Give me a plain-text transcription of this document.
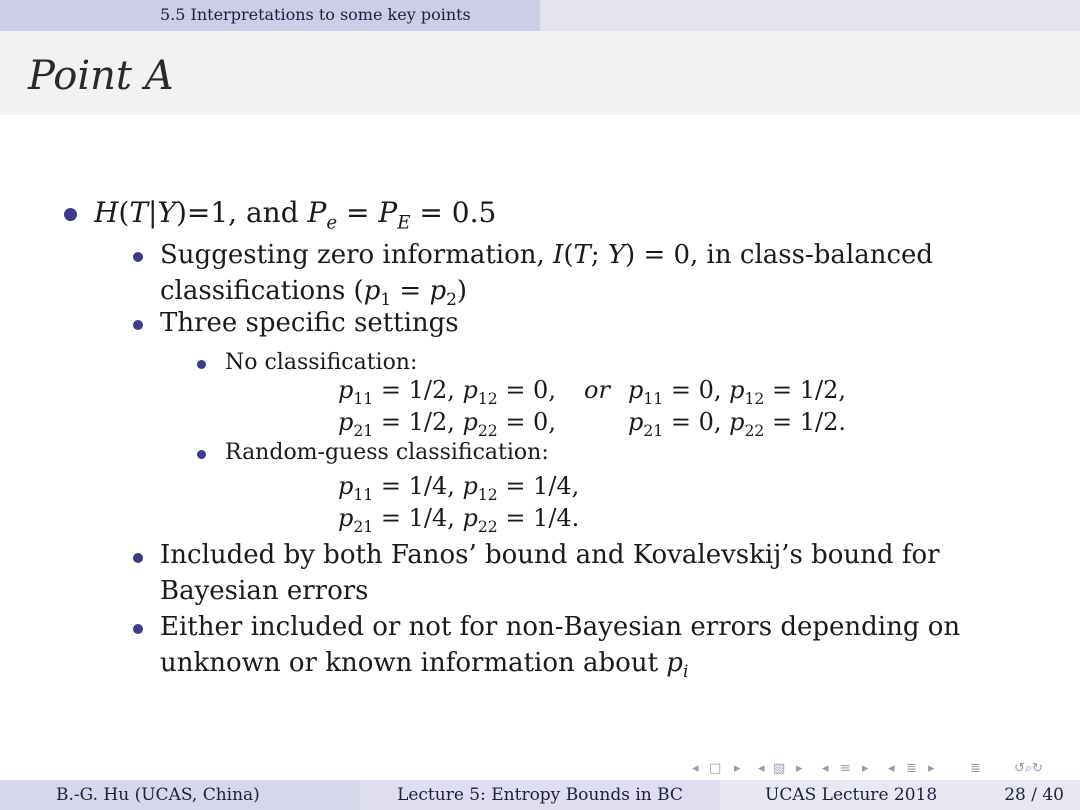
5.5 Interpretations to some key points
Point A
H(T|Y)=1, and $P_e = P_E = 0.5$
Suggesting zero information, I(T; Y) = 0, in class-balanced
classifications $(p_1 = p_2)$
Three specific settings
No classification:
$p_{11} = 1/2$, $p_{12} = 0$, or $p_{11} = 0$, $p_{12} = 1/2$,
$p_{21} = 1/2$, $p_{22} = 0$,	$p_{21} = 0$, $p_{22} = 1/2$.
Random-guess classification:
$p_{11} = 1/4$, $p_{12} = 1/4$,
$p_{21} = 1/4$, $p_{22} = 1/4$.
Included by both Fanos’ bound and Kovalevskij’s bound for
Bayesian errors
Either included or not for non-Bayesian errors depending on
unknown or known information about $p_i$
◂ □ ▸ ◂ ▧ ▸ ◂ ≡ ▸ ◂ ≣ ▸	≣	↺⌕↻
B.-G. Hu (UCAS, China)	Lecture 5: Entropy Bounds in BC	UCAS Lecture 2018	28 / 40
